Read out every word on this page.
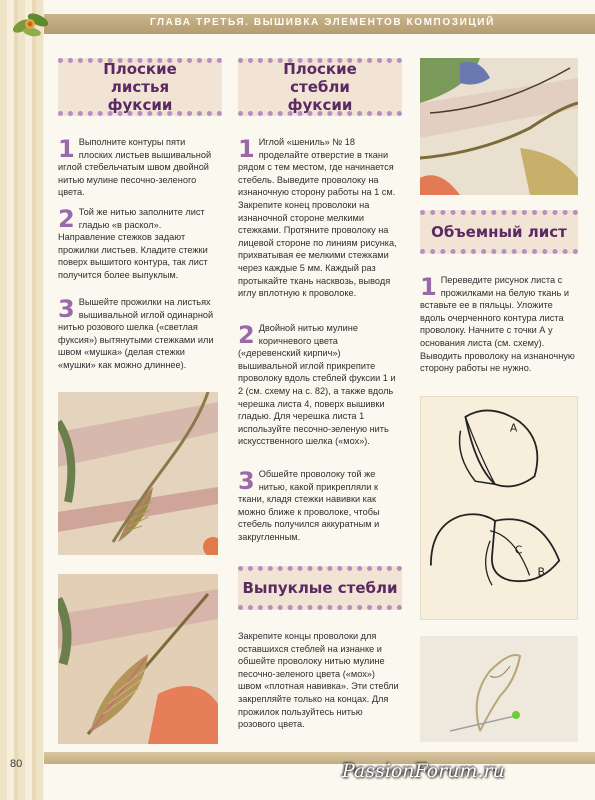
ГЛАВА ТРЕТЬЯ. ВЫШИВКА ЭЛЕМЕНТОВ КОМПОЗИЦИЙ
Плоские листья фуксии
1 Выполните контуры пяти плоских листьев вышивальной иглой стебельчатым швом двойной нитью мулине песочно-зеленого цвета.
2 Той же нитью заполните лист гладью «в раскол». Направление стежков задают прожилки листьев. Кладите стежки поверх вышитого контура, так лист получится более выпуклым.
3 Вышейте прожилки на листьях вышивальной иглой одинарной нитью розового шелка («светлая фуксия») вытянутыми стежками или швом «мушка» (делая стежки «мушки» как можно длиннее).
Плоские стебли фуксии
1 Иглой «шениль» № 18 проделайте отверстие в ткани рядом с тем местом, где начинается стебель. Выведите проволоку на изнаночную сторону работы на 1 см. Закрепите конец проволоки на изнаночной стороне мелкими стежками. Протяните проволоку на лицевой стороне по линиям рисунка, прихватывая ее мелкими стежками через каждые 5 мм. Каждый раз протыкайте ткань насквозь, выводя иглу вплотную к проволоке.
2 Двойной нитью мулине коричневого цвета («деревенский кирпич») вышивальной иглой прикрепите проволоку вдоль стеблей фуксии 1 и 2 (см. схему на с. 82), а также вдоль черешка листа 4, поверх вышивки гладью. Для черешка листа 1 используйте песочно-зеленую нить искусственного шелка («мох»).
3 Обшейте проволоку той же нитью, какой прикрепляли к ткани, кладя стежки навивки как можно ближе к проволоке, чтобы стебель получился аккуратным и закругленным.
Выпуклые стебли
Закрепите концы проволоки для оставшихся стеблей на изнанке и обшейте проволоку нитью мулине песочно-зеленого цвета («мох») швом «плотная навивка». Эти стебли закрепляйте только на концах. Для прожилок пользуйтесь нитью розового цвета.
Объемный лист
1 Переведите рисунок листа с прожилками на белую ткань и вставьте ее в пяльцы. Уложите вдоль очерченного контура листа проволоку. Начните с точки А у основания листа (см. схему). Выводить проволоку на изнаночную сторону работы не нужно.
A
C
B
80	PassionForum.ru
